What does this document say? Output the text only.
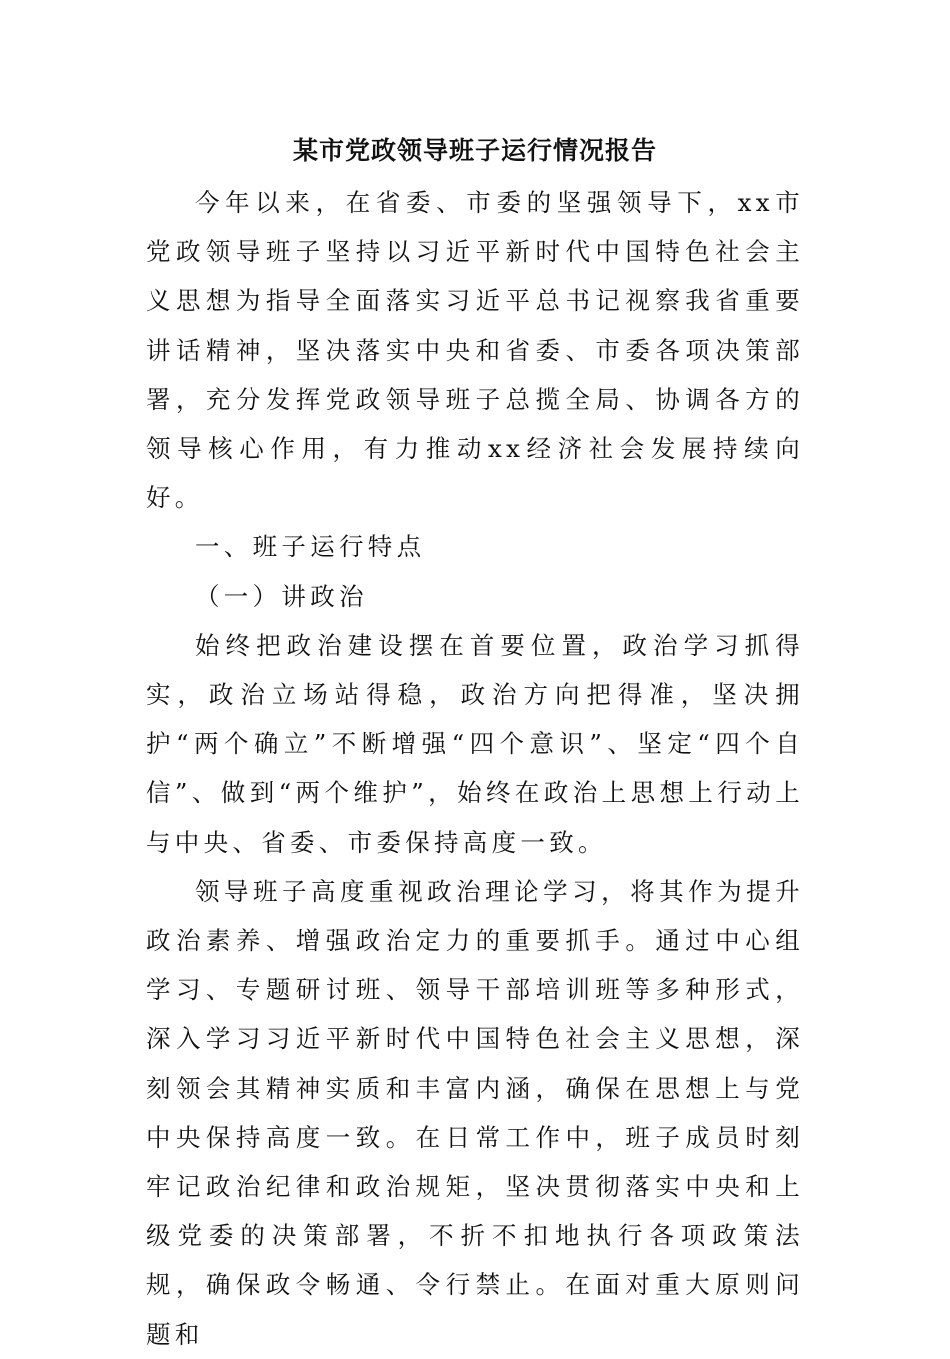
某市党政领导班子运行情况报告

今年以来，在省委、市委的坚强领导下，xx市党政领导班子坚持以习近平新时代中国特色社会主义思想为指导全面落实习近平总书记视察我省重要讲话精神，坚决落实中央和省委、市委各项决策部署，充分发挥党政领导班子总揽全局、协调各方的领导核心作用，有力推动xx经济社会发展持续向好。

一、班子运行特点

（一）讲政治

始终把政治建设摆在首要位置，政治学习抓得实，政治立场站得稳，政治方向把得准，坚决拥护“两个确立”不断增强“四个意识”、坚定“四个自信”、做到“两个维护”，始终在政治上思想上行动上与中央、省委、市委保持高度一致。

领导班子高度重视政治理论学习，将其作为提升政治素养、增强政治定力的重要抓手。通过中心组学习、专题研讨班、领导干部培训班等多种形式，深入学习习近平新时代中国特色社会主义思想，深刻领会其精神实质和丰富内涵，确保在思想上与党中央保持高度一致。在日常工作中，班子成员时刻牢记政治纪律和政治规矩，坚决贯彻落实中央和上级党委的决策部署，不折不扣地执行各项政策法规，确保政令畅通、令行禁止。在面对重大原则问题和
